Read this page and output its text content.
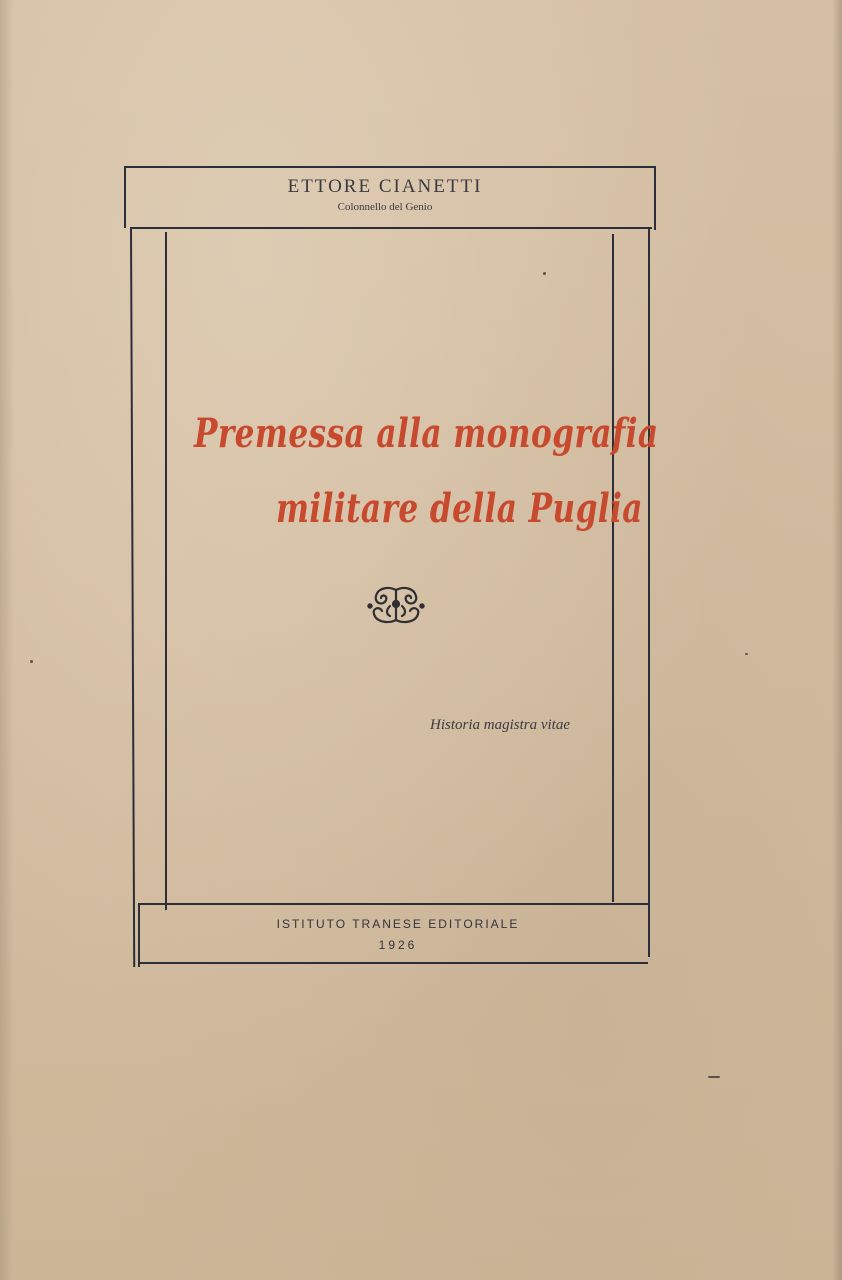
ETTORE CIANETTI
Colonnello del Genio
Premessa alla monografia
militare della Puglia
Historia magistra vitae
ISTITUTO TRANESE EDITORIALE
1926
